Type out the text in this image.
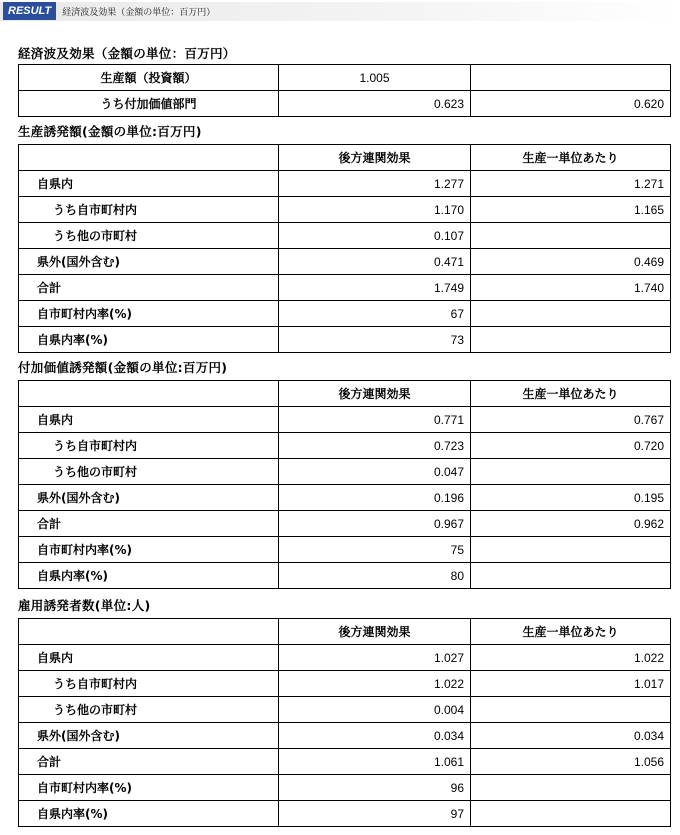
RESULT	経済波及効果（金額の単位：百万円）
経済波及効果（金額の単位：百万円）
生産額（投資額）	1.005	
うち付加価値部門	0.623	0.620
生産誘発額(金額の単位:百万円)
	後方連関効果	生産一単位あたり
自県内	1.277	1.271
うち自市町村内	1.170	1.165
うち他の市町村	0.107	
県外(国外含む)	0.471	0.469
合計	1.749	1.740
自市町村内率(%)	67	
自県内率(%)	73	
付加価値誘発額(金額の単位:百万円)
	後方連関効果	生産一単位あたり
自県内	0.771	0.767
うち自市町村内	0.723	0.720
うち他の市町村	0.047	
県外(国外含む)	0.196	0.195
合計	0.967	0.962
自市町村内率(%)	75	
自県内率(%)	80	
雇用誘発者数(単位:人)
	後方連関効果	生産一単位あたり
自県内	1.027	1.022
うち自市町村内	1.022	1.017
うち他の市町村	0.004	
県外(国外含む)	0.034	0.034
合計	1.061	1.056
自市町村内率(%)	96	
自県内率(%)	97	
